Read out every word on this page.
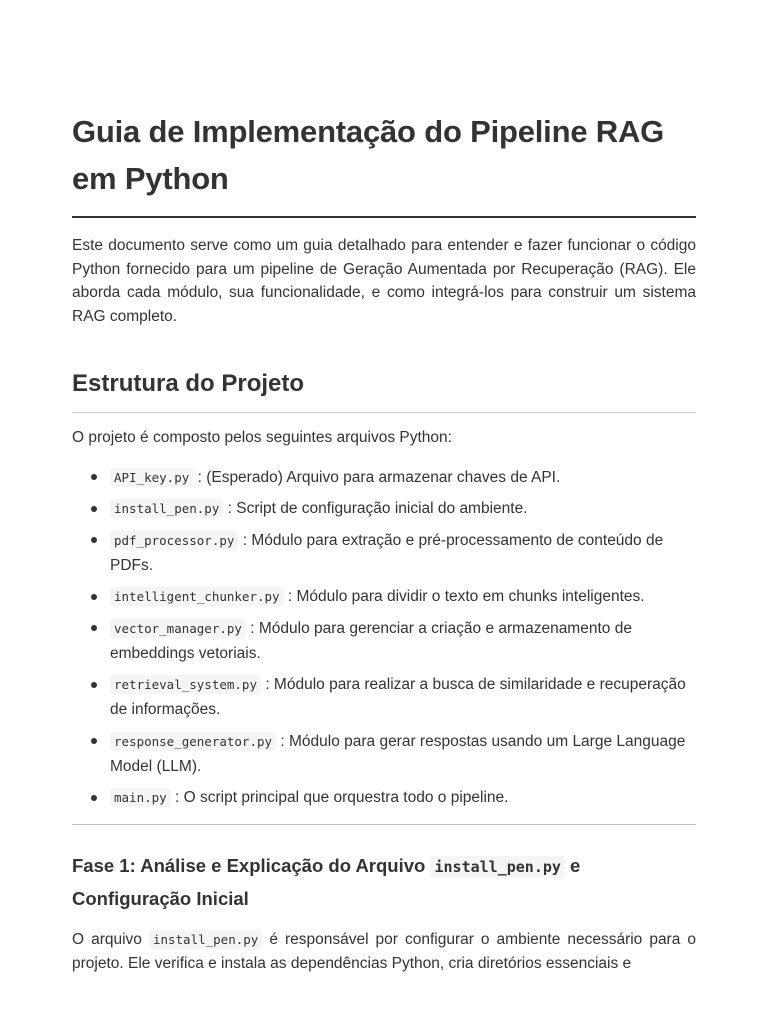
Guia de Implementação do Pipeline RAG em Python

Este documento serve como um guia detalhado para entender e fazer funcionar o código Python fornecido para um pipeline de Geração Aumentada por Recuperação (RAG). Ele aborda cada módulo, sua funcionalidade, e como integrá-los para construir um sistema RAG completo.

Estrutura do Projeto

O projeto é composto pelos seguintes arquivos Python:

API_key.py : (Esperado) Arquivo para armazenar chaves de API.
install_pen.py : Script de configuração inicial do ambiente.
pdf_processor.py : Módulo para extração e pré-processamento de conteúdo de PDFs.
intelligent_chunker.py : Módulo para dividir o texto em chunks inteligentes.
vector_manager.py : Módulo para gerenciar a criação e armazenamento de embeddings vetoriais.
retrieval_system.py : Módulo para realizar a busca de similaridade e recuperação de informações.
response_generator.py : Módulo para gerar respostas usando um Large Language Model (LLM).
main.py : O script principal que orquestra todo o pipeline.
Fase 1: Análise e Explicação do Arquivo install_pen.py e Configuração Inicial

O arquivo install_pen.py é responsável por configurar o ambiente necessário para o projeto. Ele verifica e instala as dependências Python, cria diretórios essenciais e
